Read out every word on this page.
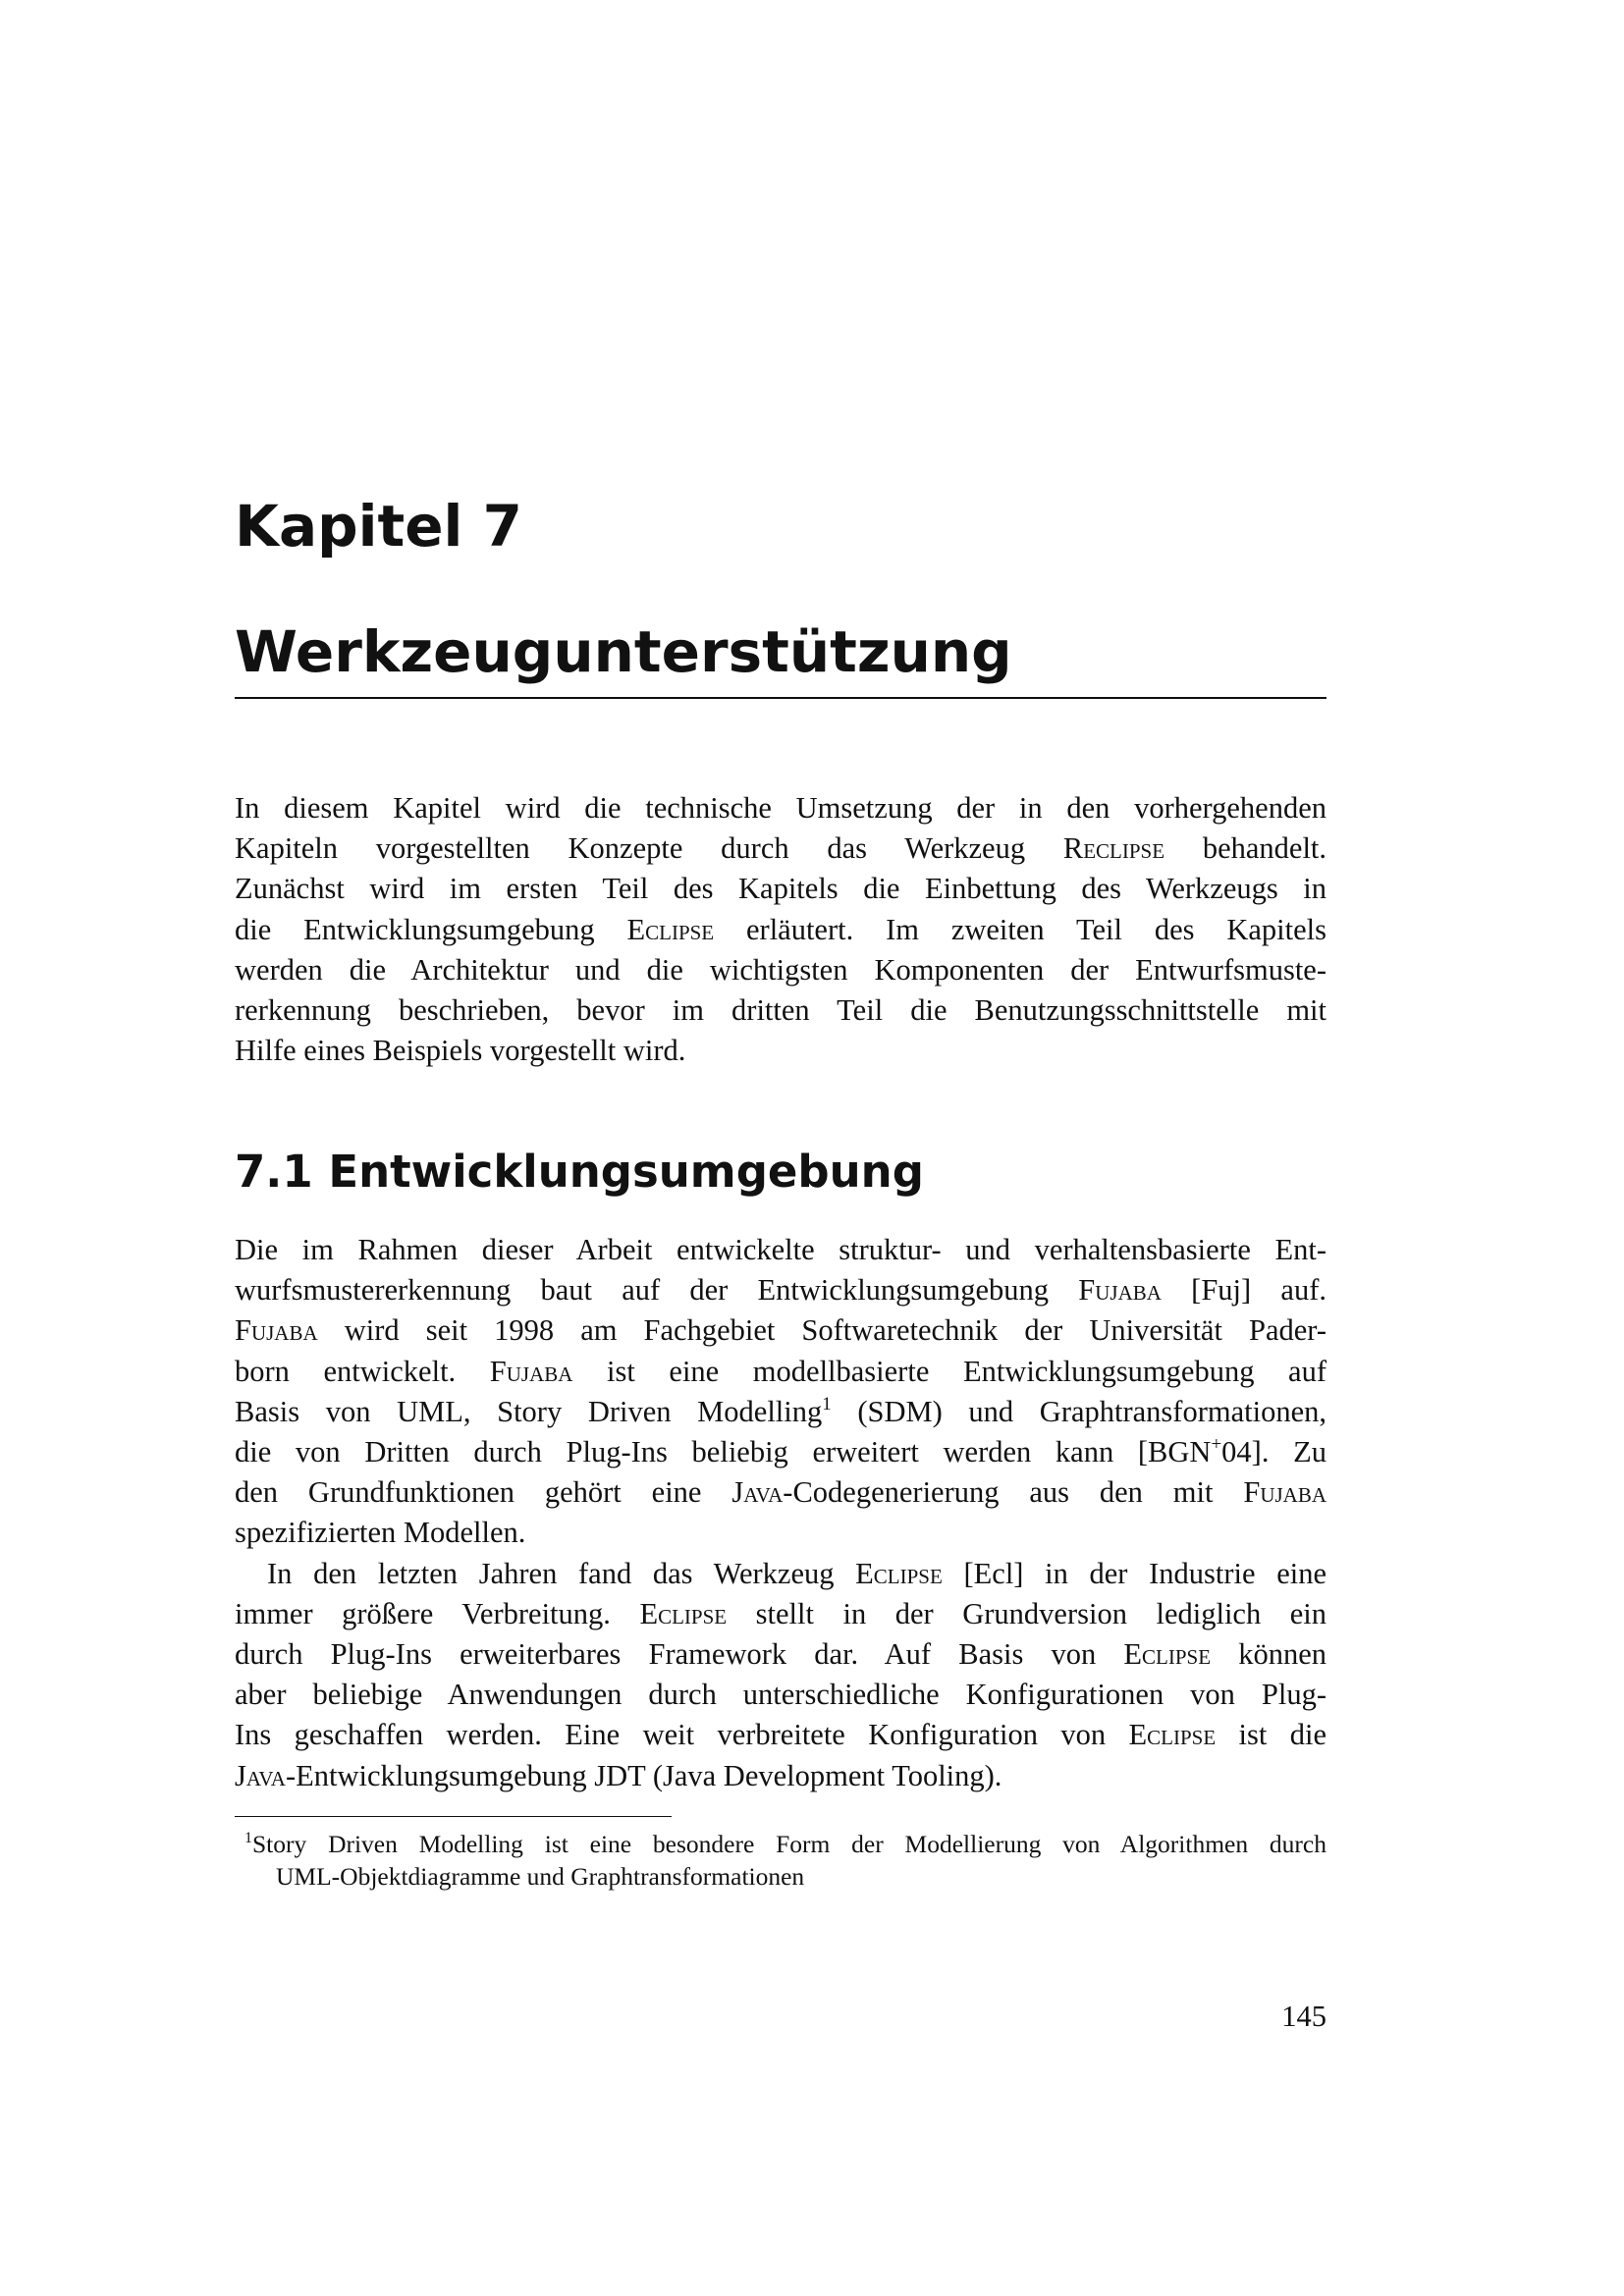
Kapitel 7
Werkzeugunterstützung
In diesem Kapitel wird die technische Umsetzung der in den vorhergehenden
Kapiteln vorgestellten Konzepte durch das Werkzeug Reclipse behandelt.
Zunächst wird im ersten Teil des Kapitels die Einbettung des Werkzeugs in
die Entwicklungsumgebung Eclipse erläutert. Im zweiten Teil des Kapitels
werden die Architektur und die wichtigsten Komponenten der Entwurfsmuste-
rerkennung beschrieben, bevor im dritten Teil die Benutzungsschnittstelle mit
Hilfe eines Beispiels vorgestellt wird.
7.1 Entwicklungsumgebung
Die im Rahmen dieser Arbeit entwickelte struktur- und verhaltensbasierte Ent-
wurfsmustererkennung baut auf der Entwicklungsumgebung Fujaba [Fuj] auf.
Fujaba wird seit 1998 am Fachgebiet Softwaretechnik der Universität Pader-
born entwickelt. Fujaba ist eine modellbasierte Entwicklungsumgebung auf
Basis von UML, Story Driven Modelling$^1$ (SDM) und Graphtransformationen,
die von Dritten durch Plug-Ins beliebig erweitert werden kann [BGN+04]. Zu
den Grundfunktionen gehört eine Java-Codegenerierung aus den mit Fujaba
spezifizierten Modellen.
In den letzten Jahren fand das Werkzeug Eclipse [Ecl] in der Industrie eine
immer größere Verbreitung. Eclipse stellt in der Grundversion lediglich ein
durch Plug-Ins erweiterbares Framework dar. Auf Basis von Eclipse können
aber beliebige Anwendungen durch unterschiedliche Konfigurationen von Plug-
Ins geschaffen werden. Eine weit verbreitete Konfiguration von Eclipse ist die
Java-Entwicklungsumgebung JDT (Java Development Tooling).
$^1$Story Driven Modelling ist eine besondere Form der Modellierung von Algorithmen durch
UML-Objektdiagramme und Graphtransformationen

145
